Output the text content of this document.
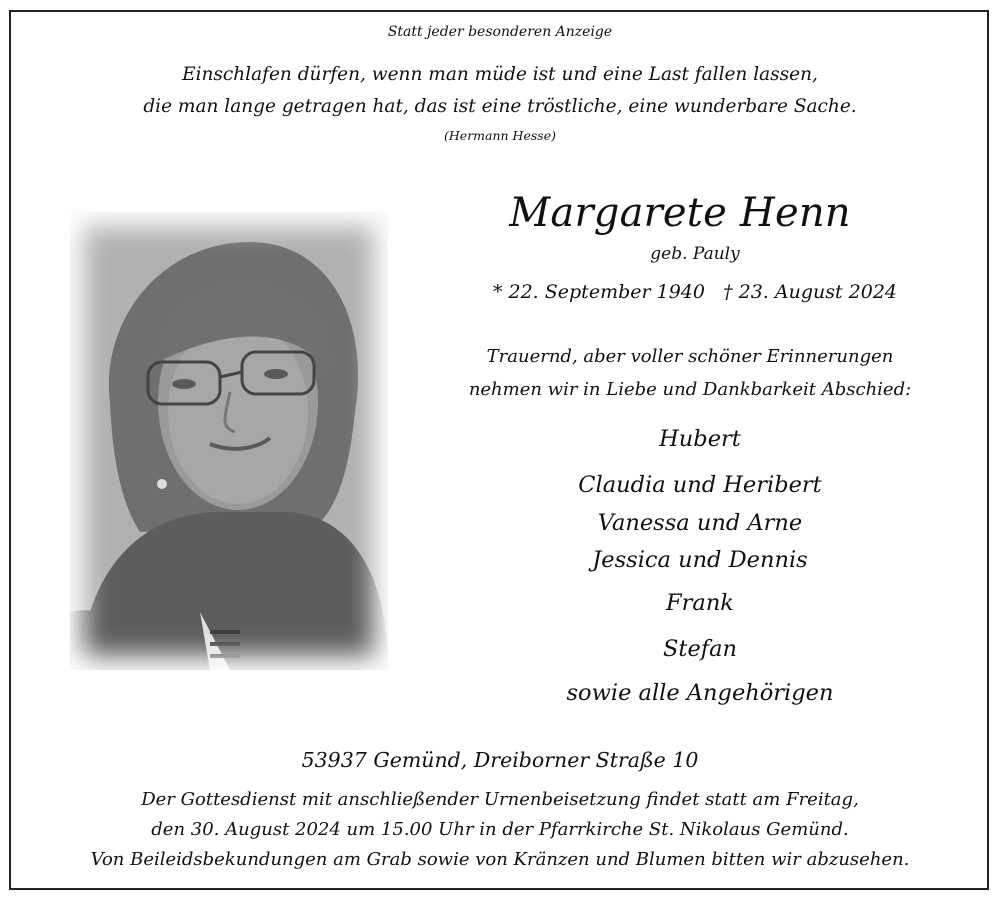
Statt jeder besonderen Anzeige
Einschlafen dürfen, wenn man müde ist und eine Last fallen lassen,
die man lange getragen hat, das ist eine tröstliche, eine wunderbare Sache.
(Hermann Hesse)
Margarete Henn
geb. Pauly
* 22. September 1940   † 23. August 2024
Trauernd, aber voller schöner Erinnerungen
nehmen wir in Liebe und Dankbarkeit Abschied:
Hubert
Claudia und Heribert
Vanessa und Arne
Jessica und Dennis
Frank
Stefan
sowie alle Angehörigen
53937 Gemünd, Dreiborner Straße 10
Der Gottesdienst mit anschließender Urnenbeisetzung findet statt am Freitag,
den 30. August 2024 um 15.00 Uhr in der Pfarrkirche St. Nikolaus Gemünd.
Von Beileidsbekundungen am Grab sowie von Kränzen und Blumen bitten wir abzusehen.
